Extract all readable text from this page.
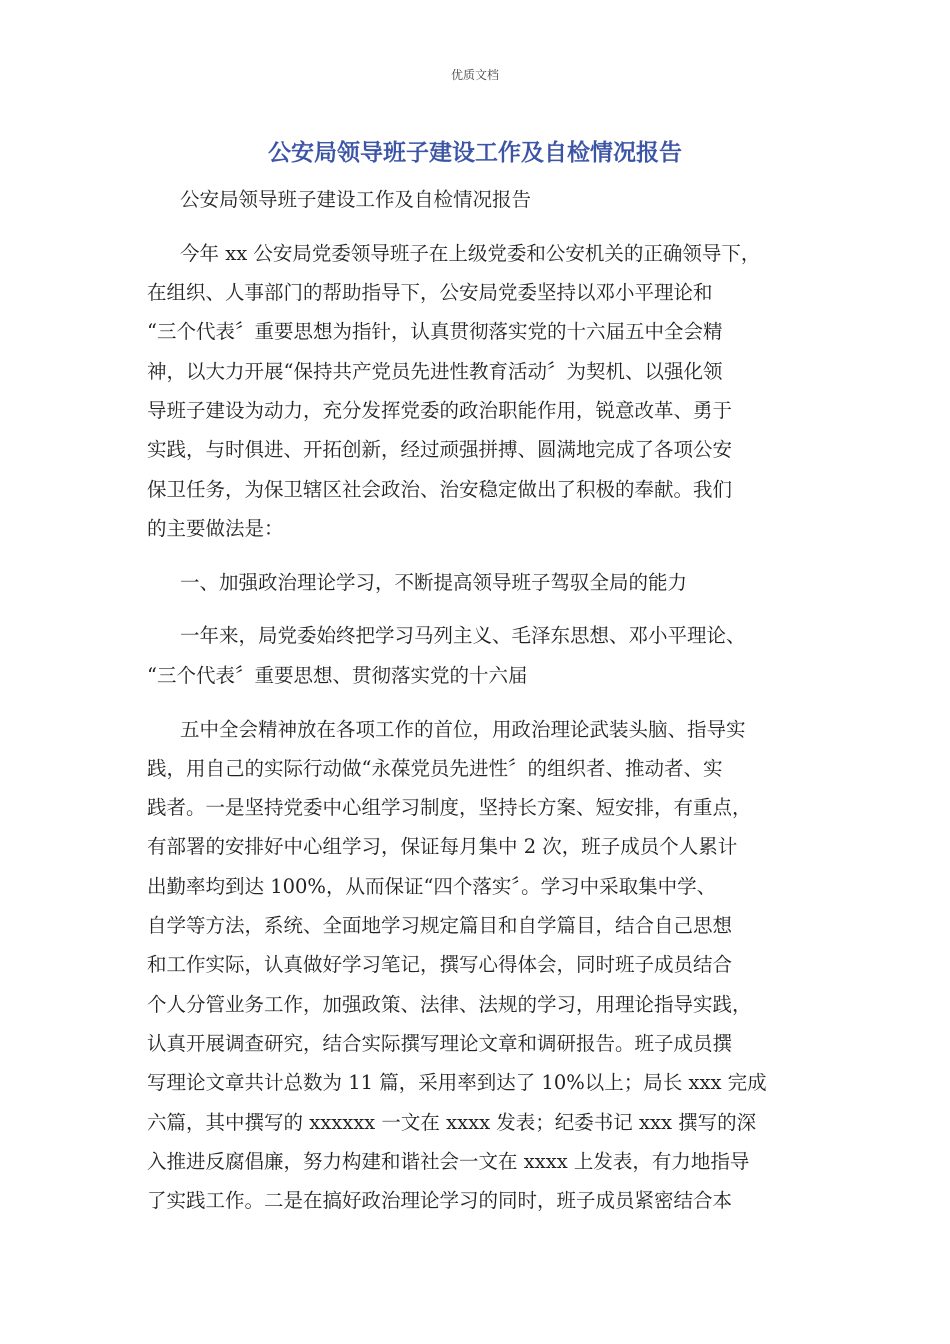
优质文档
公安局领导班子建设工作及自检情况报告
公安局领导班子建设工作及自检情况报告
今年 xx 公安局党委领导班子在上级党委和公安机关的正确领导下，
在组织、人事部门的帮助指导下，公安局党委坚持以邓小平理论和
“三个代表〞重要思想为指针，认真贯彻落实党的十六届五中全会精
神，以大力开展“保持共产党员先进性教育活动〞为契机、以强化领
导班子建设为动力，充分发挥党委的政治职能作用，锐意改革、勇于
实践，与时俱进、开拓创新，经过顽强拼搏、圆满地完成了各项公安
保卫任务，为保卫辖区社会政治、治安稳定做出了积极的奉献。我们
的主要做法是：
一、加强政治理论学习，不断提高领导班子驾驭全局的能力
一年来，局党委始终把学习马列主义、毛泽东思想、邓小平理论、
“三个代表〞重要思想、贯彻落实党的十六届
五中全会精神放在各项工作的首位，用政治理论武装头脑、指导实
践，用自己的实际行动做“永葆党员先进性〞的组织者、推动者、实
践者。一是坚持党委中心组学习制度，坚持长方案、短安排，有重点，
有部署的安排好中心组学习，保证每月集中 2 次，班子成员个人累计
出勤率均到达 100%，从而保证“四个落实〞。学习中采取集中学、
自学等方法，系统、全面地学习规定篇目和自学篇目，结合自己思想
和工作实际，认真做好学习笔记，撰写心得体会，同时班子成员结合
个人分管业务工作，加强政策、法律、法规的学习，用理论指导实践，
认真开展调查研究，结合实际撰写理论文章和调研报告。班子成员撰
写理论文章共计总数为 11 篇，采用率到达了 10%以上；局长 xxx 完成
六篇，其中撰写的 xxxxxx 一文在 xxxx 发表；纪委书记 xxx 撰写的深
入推进反腐倡廉，努力构建和谐社会一文在 xxxx 上发表，有力地指导
了实践工作。二是在搞好政治理论学习的同时，班子成员紧密结合本
